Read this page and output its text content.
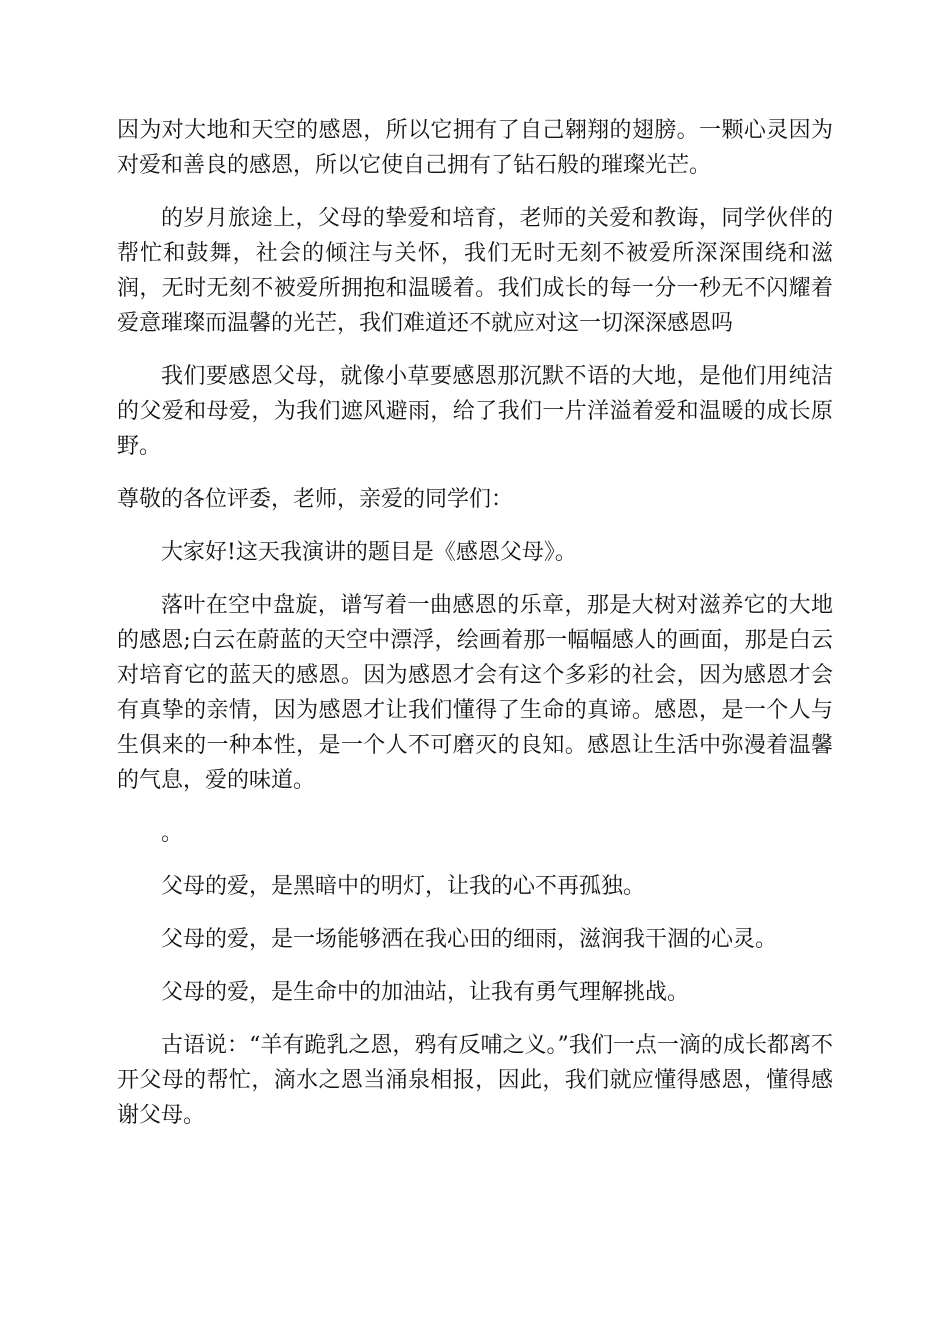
因为对大地和天空的感恩，所以它拥有了自己翱翔的翅膀。一颗心灵因为对爱和善良的感恩，所以它使自己拥有了钻石般的璀璨光芒。

的岁月旅途上，父母的挚爱和培育，老师的关爱和教诲，同学伙伴的帮忙和鼓舞，社会的倾注与关怀，我们无时无刻不被爱所深深围绕和滋润，无时无刻不被爱所拥抱和温暖着。我们成长的每一分一秒无不闪耀着爱意璀璨而温馨的光芒，我们难道还不就应对这一切深深感恩吗

我们要感恩父母，就像小草要感恩那沉默不语的大地，是他们用纯洁的父爱和母爱，为我们遮风避雨，给了我们一片洋溢着爱和温暖的成长原野。

尊敬的各位评委，老师，亲爱的同学们：

大家好!这天我演讲的题目是《感恩父母》。

落叶在空中盘旋，谱写着一曲感恩的乐章，那是大树对滋养它的大地的感恩;白云在蔚蓝的天空中漂浮，绘画着那一幅幅感人的画面，那是白云对培育它的蓝天的感恩。因为感恩才会有这个多彩的社会，因为感恩才会有真挚的亲情，因为感恩才让我们懂得了生命的真谛。感恩，是一个人与生俱来的一种本性，是一个人不可磨灭的良知。感恩让生活中弥漫着温馨的气息，爱的味道。

。

父母的爱，是黑暗中的明灯，让我的心不再孤独。

父母的爱，是一场能够洒在我心田的细雨，滋润我干涸的心灵。

父母的爱，是生命中的加油站，让我有勇气理解挑战。

古语说：“羊有跪乳之恩，鸦有反哺之义。”我们一点一滴的成长都离不开父母的帮忙，滴水之恩当涌泉相报，因此，我们就应懂得感恩，懂得感谢父母。
